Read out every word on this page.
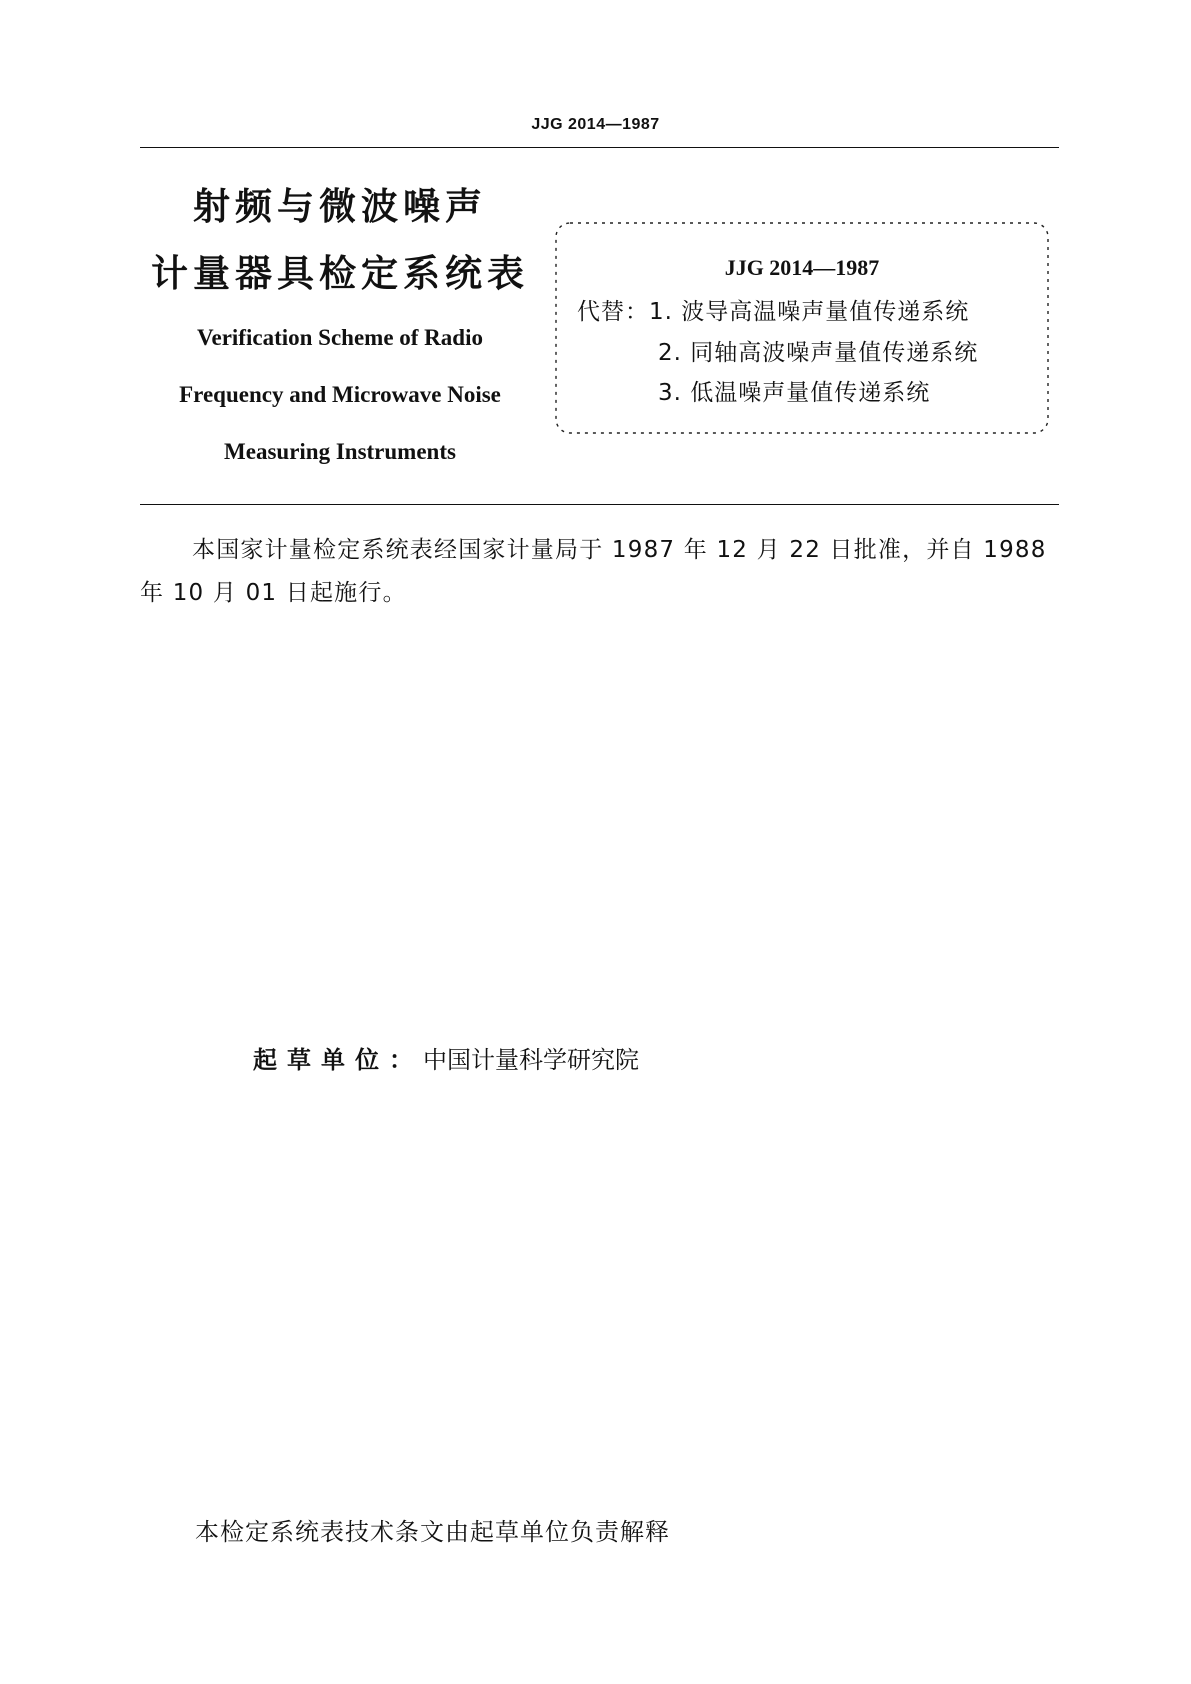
JJG 2014—1987
射频与微波噪声
计量器具检定系统表
Verification Scheme of Radio
Frequency and Microwave Noise
Measuring Instruments
JJG 2014—1987
代替：1. 波导高温噪声量值传递系统
2. 同轴高波噪声量值传递系统
3. 低温噪声量值传递系统
本国家计量检定系统表经国家计量局于 1987 年 12 月 22 日批准，并自 1988 年 10 月 01 日起施行。
起草单位：中国计量科学研究院
本检定系统表技术条文由起草单位负责解释
